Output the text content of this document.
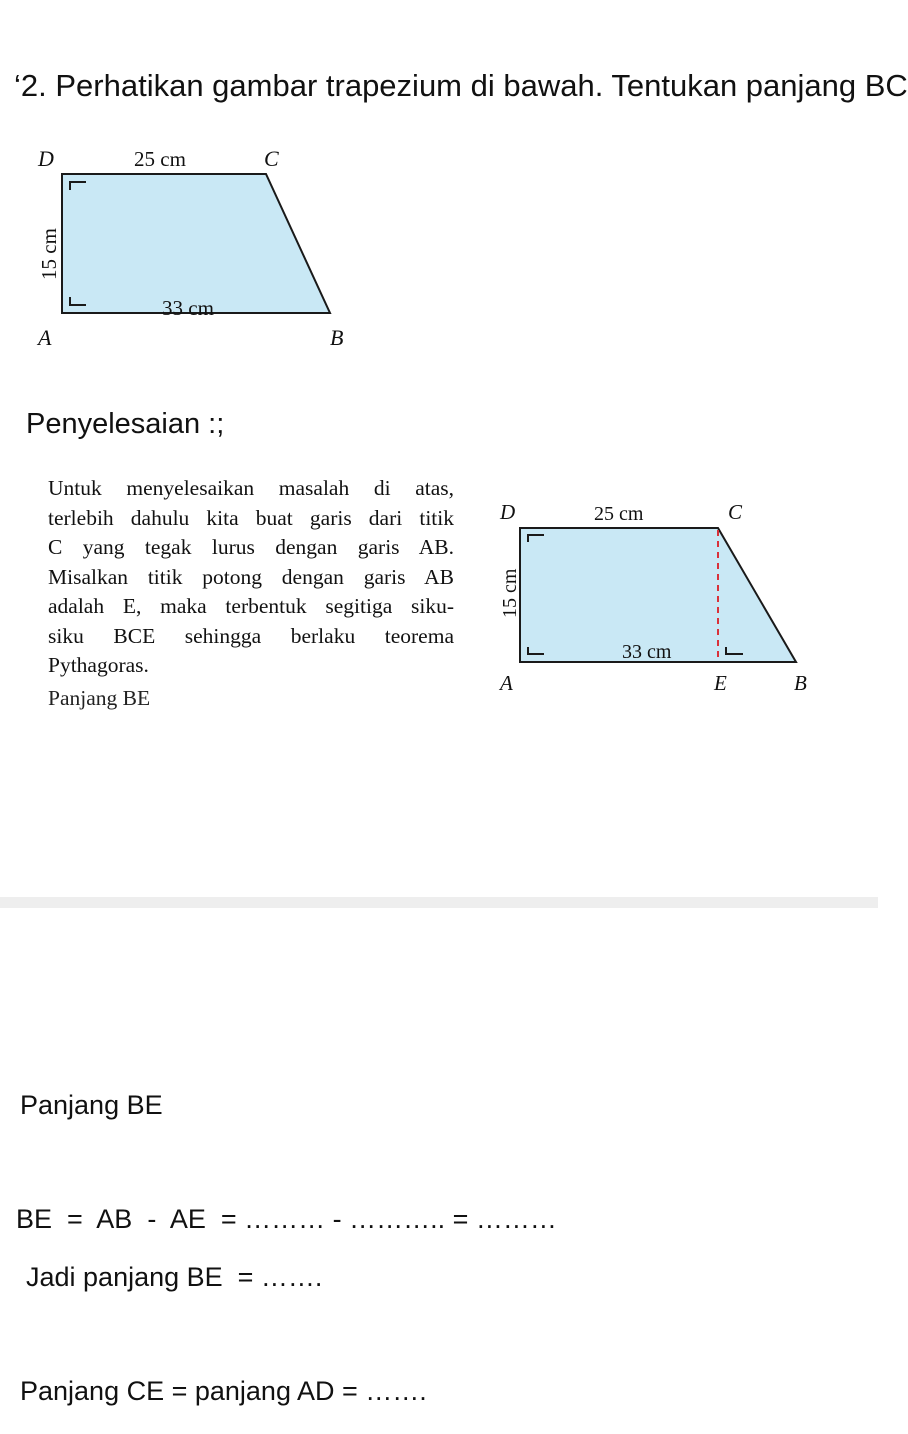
‘2. Perhatikan gambar trapezium di bawah. Tentukan panjang BC
D	C
A	B
25 cm
33 cm
15 cm
Penyelesaian :;
Untuk menyelesaikan masalah di atas,
terlebih dahulu kita buat garis dari titik
C yang tegak lurus dengan garis AB.
Misalkan titik potong dengan garis AB
adalah E, maka terbentuk segitiga siku-
siku BCE sehingga berlaku teorema
Pythagoras.
Panjang BE
D	C
A	E	B
25 cm
33 cm
15 cm
Panjang BE
BE  =  AB  -  AE  = ……… - ……….. = ………
Jadi panjang BE  = …….
Panjang CE = panjang AD = …….
